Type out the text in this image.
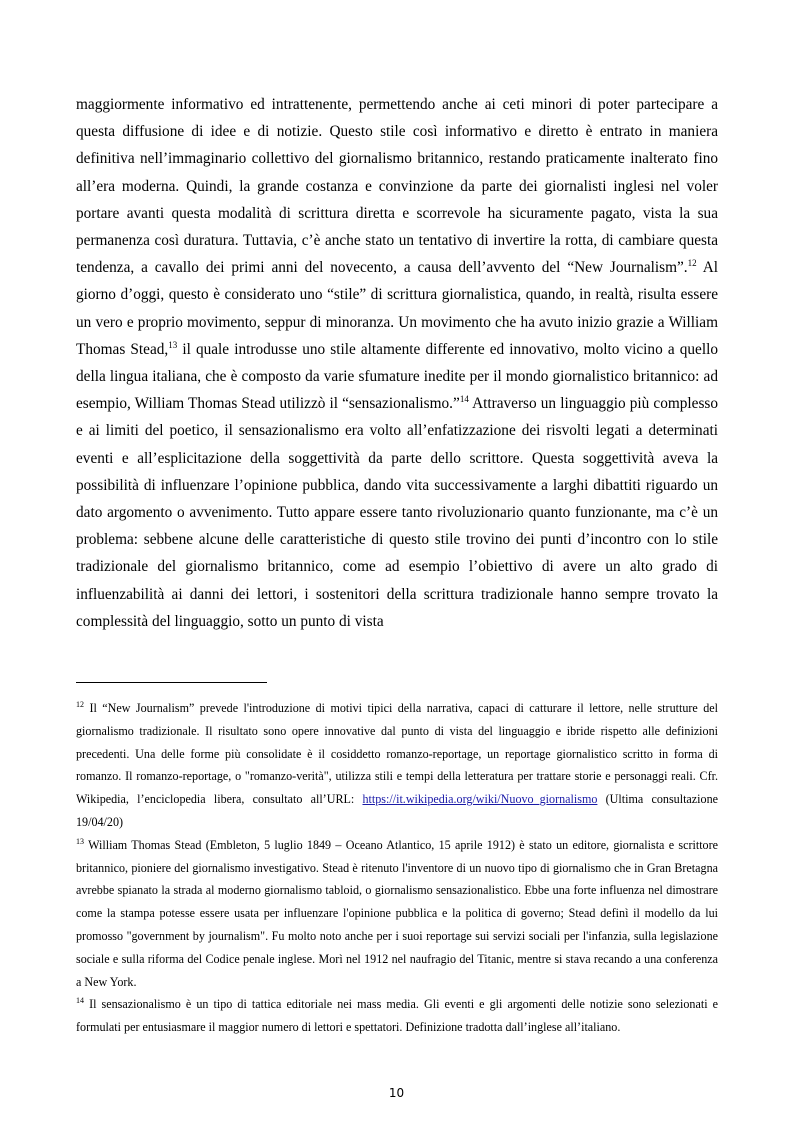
maggiormente informativo ed intrattenente, permettendo anche ai ceti minori di poter partecipare a questa diffusione di idee e di notizie. Questo stile così informativo e diretto è entrato in maniera definitiva nell’immaginario collettivo del giornalismo britannico, restando praticamente inalterato fino all’era moderna. Quindi, la grande costanza e convinzione da parte dei giornalisti inglesi nel voler portare avanti questa modalità di scrittura diretta e scorrevole ha sicuramente pagato, vista la sua permanenza così duratura. Tuttavia, c’è anche stato un tentativo di invertire la rotta, di cambiare questa tendenza, a cavallo dei primi anni del novecento, a causa dell’avvento del “New Journalism”.$^{12}$ Al giorno d’oggi, questo è considerato uno “stile” di scrittura giornalistica, quando, in realtà, risulta essere un vero e proprio movimento, seppur di minoranza. Un movimento che ha avuto inizio grazie a William Thomas Stead,$^{13}$ il quale introdusse uno stile altamente differente ed innovativo, molto vicino a quello della lingua italiana, che è composto da varie sfumature inedite per il mondo giornalistico britannico: ad esempio, William Thomas Stead utilizzò il “sensazionalismo.”$^{14}$ Attraverso un linguaggio più complesso e ai limiti del poetico, il sensazionalismo era volto all’enfatizzazione dei risvolti legati a determinati eventi e all’esplicitazione della soggettività da parte dello scrittore. Questa soggettività aveva la possibilità di influenzare l’opinione pubblica, dando vita successivamente a larghi dibattiti riguardo un dato argomento o avvenimento. Tutto appare essere tanto rivoluzionario quanto funzionante, ma c’è un problema: sebbene alcune delle caratteristiche di questo stile trovino dei punti d’incontro con lo stile tradizionale del giornalismo britannico, come ad esempio l’obiettivo di avere un alto grado di influenzabilità ai danni dei lettori, i sostenitori della scrittura tradizionale hanno sempre trovato la complessità del linguaggio, sotto un punto di vista

$^{12}$ Il “New Journalism” prevede l'introduzione di motivi tipici della narrativa, capaci di catturare il lettore, nelle strutture del giornalismo tradizionale. Il risultato sono opere innovative dal punto di vista del linguaggio e ibride rispetto alle definizioni precedenti. Una delle forme più consolidate è il cosiddetto romanzo-reportage, un reportage giornalistico scritto in forma di romanzo. Il romanzo-reportage, o "romanzo-verità", utilizza stili e tempi della letteratura per trattare storie e personaggi reali. Cfr. Wikipedia, l’enciclopedia libera, consultato all’URL: https://it.wikipedia.org/wiki/Nuovo_giornalismo (Ultima consultazione 19/04/20)

$^{13}$ William Thomas Stead (Embleton, 5 luglio 1849 – Oceano Atlantico, 15 aprile 1912) è stato un editore, giornalista e scrittore britannico, pioniere del giornalismo investigativo. Stead è ritenuto l'inventore di un nuovo tipo di giornalismo che in Gran Bretagna avrebbe spianato la strada al moderno giornalismo tabloid, o giornalismo sensazionalistico. Ebbe una forte influenza nel dimostrare come la stampa potesse essere usata per influenzare l'opinione pubblica e la politica di governo; Stead definì il modello da lui promosso "government by journalism". Fu molto noto anche per i suoi reportage sui servizi sociali per l'infanzia, sulla legislazione sociale e sulla riforma del Codice penale inglese. Morì nel 1912 nel naufragio del Titanic, mentre si stava recando a una conferenza a New York.

$^{14}$ Il sensazionalismo è un tipo di tattica editoriale nei mass media. Gli eventi e gli argomenti delle notizie sono selezionati e formulati per entusiasmare il maggior numero di lettori e spettatori. Definizione tradotta dall’inglese all’italiano.

10
